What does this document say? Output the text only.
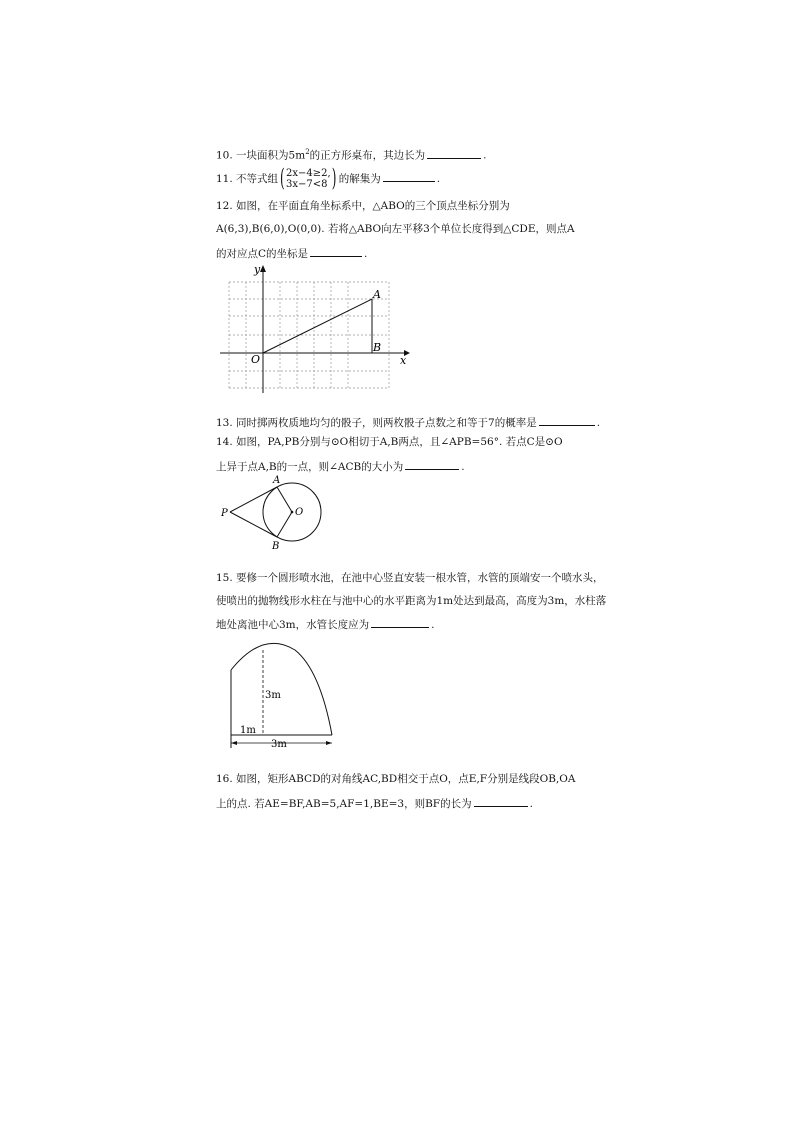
10. 一块面积为$5m^2$的正方形桌布，其边长为	.
11. 不等式组 ( 2x−4≥2,
3x−7<8 ) 的解集为	.
12. 如图，在平面直角坐标系中，△ABO的三个顶点坐标分别为
A(6,3),B(6,0),O(0,0). 若将△ABO向左平移3个单位长度得到△CDE，则点A
的对应点C的坐标是	.
y
x
O
A
B
13. 同时掷两枚质地均匀的骰子，则两枚骰子点数之和等于7的概率是	.
14. 如图，PA,PB分别与⊙O相切于A,B两点，且∠APB=56°. 若点C是⊙O
上异于点A,B的一点，则∠ACB的大小为	.
A
B
P	O
15. 要修一个圆形喷水池，在池中心竖直安装一根水管，水管的顶端安一个喷水头，
使喷出的抛物线形水柱在与池中心的水平距离为1m处达到最高，高度为3m，水柱落
地处离池中心3m，水管长度应为	.
3m
1m
3m
16. 如图，矩形ABCD的对角线AC,BD相交于点O，点E,F分别是线段OB,OA
上的点. 若AE=BF,AB=5,AF=1,BE=3，则BF的长为	.
